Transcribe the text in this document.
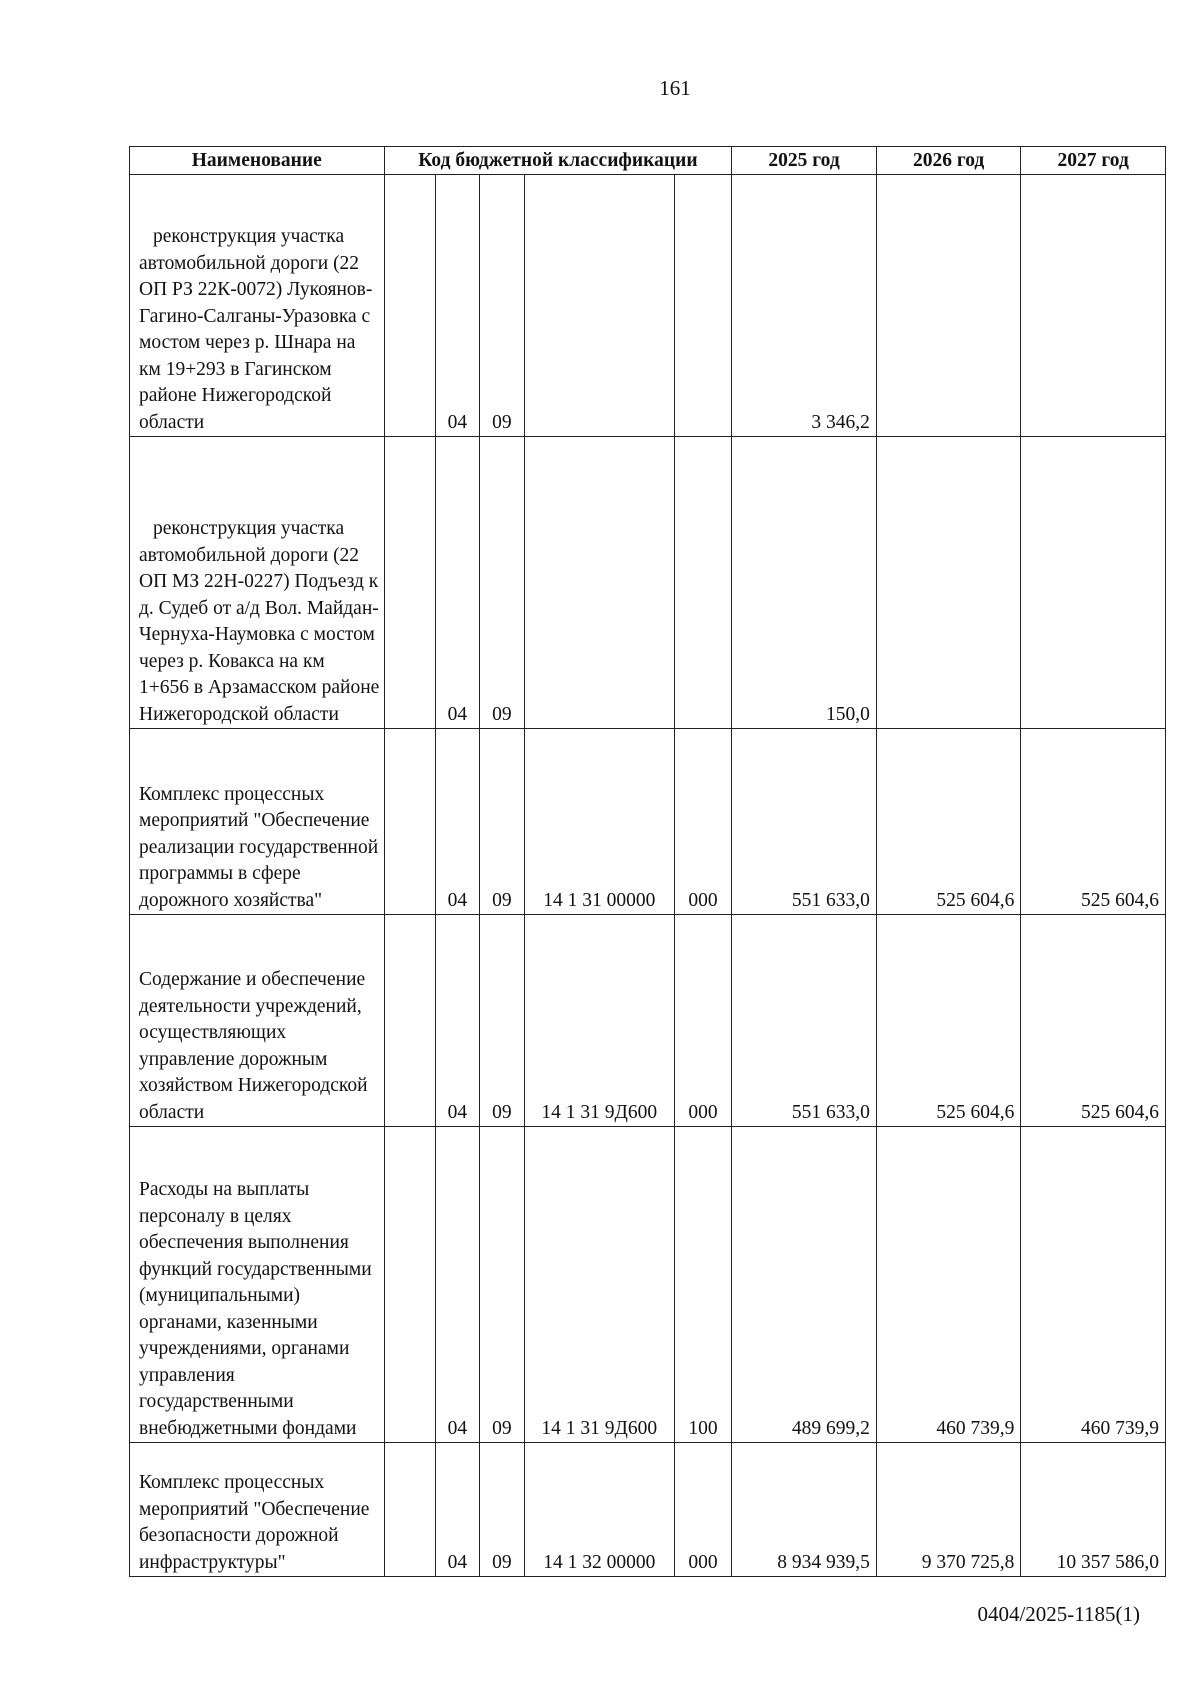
161
Наименование	Код бюджетной классификации					2025 год	2026 год	2027 год
реконструкция участка автомобильной дороги (22 ОП РЗ 22К-0072) Лукоянов-Гагино-Салганы-Уразовка с мостом через р. Шнара на км 19+293 в Гагинском районе Нижегородской области		04	09			3 346,2		
реконструкция участка автомобильной дороги (22 ОП МЗ 22Н-0227) Подъезд к д. Судеб от а/д Вол. Майдан-Чернуха-Наумовка с мостом через р. Ковакса на км 1+656 в Арзамасском районе Нижегородской области		04	09			150,0		
Комплекс процессных мероприятий "Обеспечение реализации государственной программы в сфере дорожного хозяйства"		04	09	14 1 31 00000	000	551 633,0	525 604,6	525 604,6
Содержание и обеспечение деятельности учреждений, осуществляющих управление дорожным хозяйством Нижегородской области		04	09	14 1 31 9Д600	000	551 633,0	525 604,6	525 604,6
Расходы на выплаты персоналу в целях обеспечения выполнения функций государственными (муниципальными) органами, казенными учреждениями, органами управления государственными внебюджетными фондами		04	09	14 1 31 9Д600	100	489 699,2	460 739,9	460 739,9
Комплекс процессных мероприятий "Обеспечение безопасности дорожной инфраструктуры"		04	09	14 1 32 00000	000	8 934 939,5	9 370 725,8	10 357 586,0
0404/2025-1185(1)
